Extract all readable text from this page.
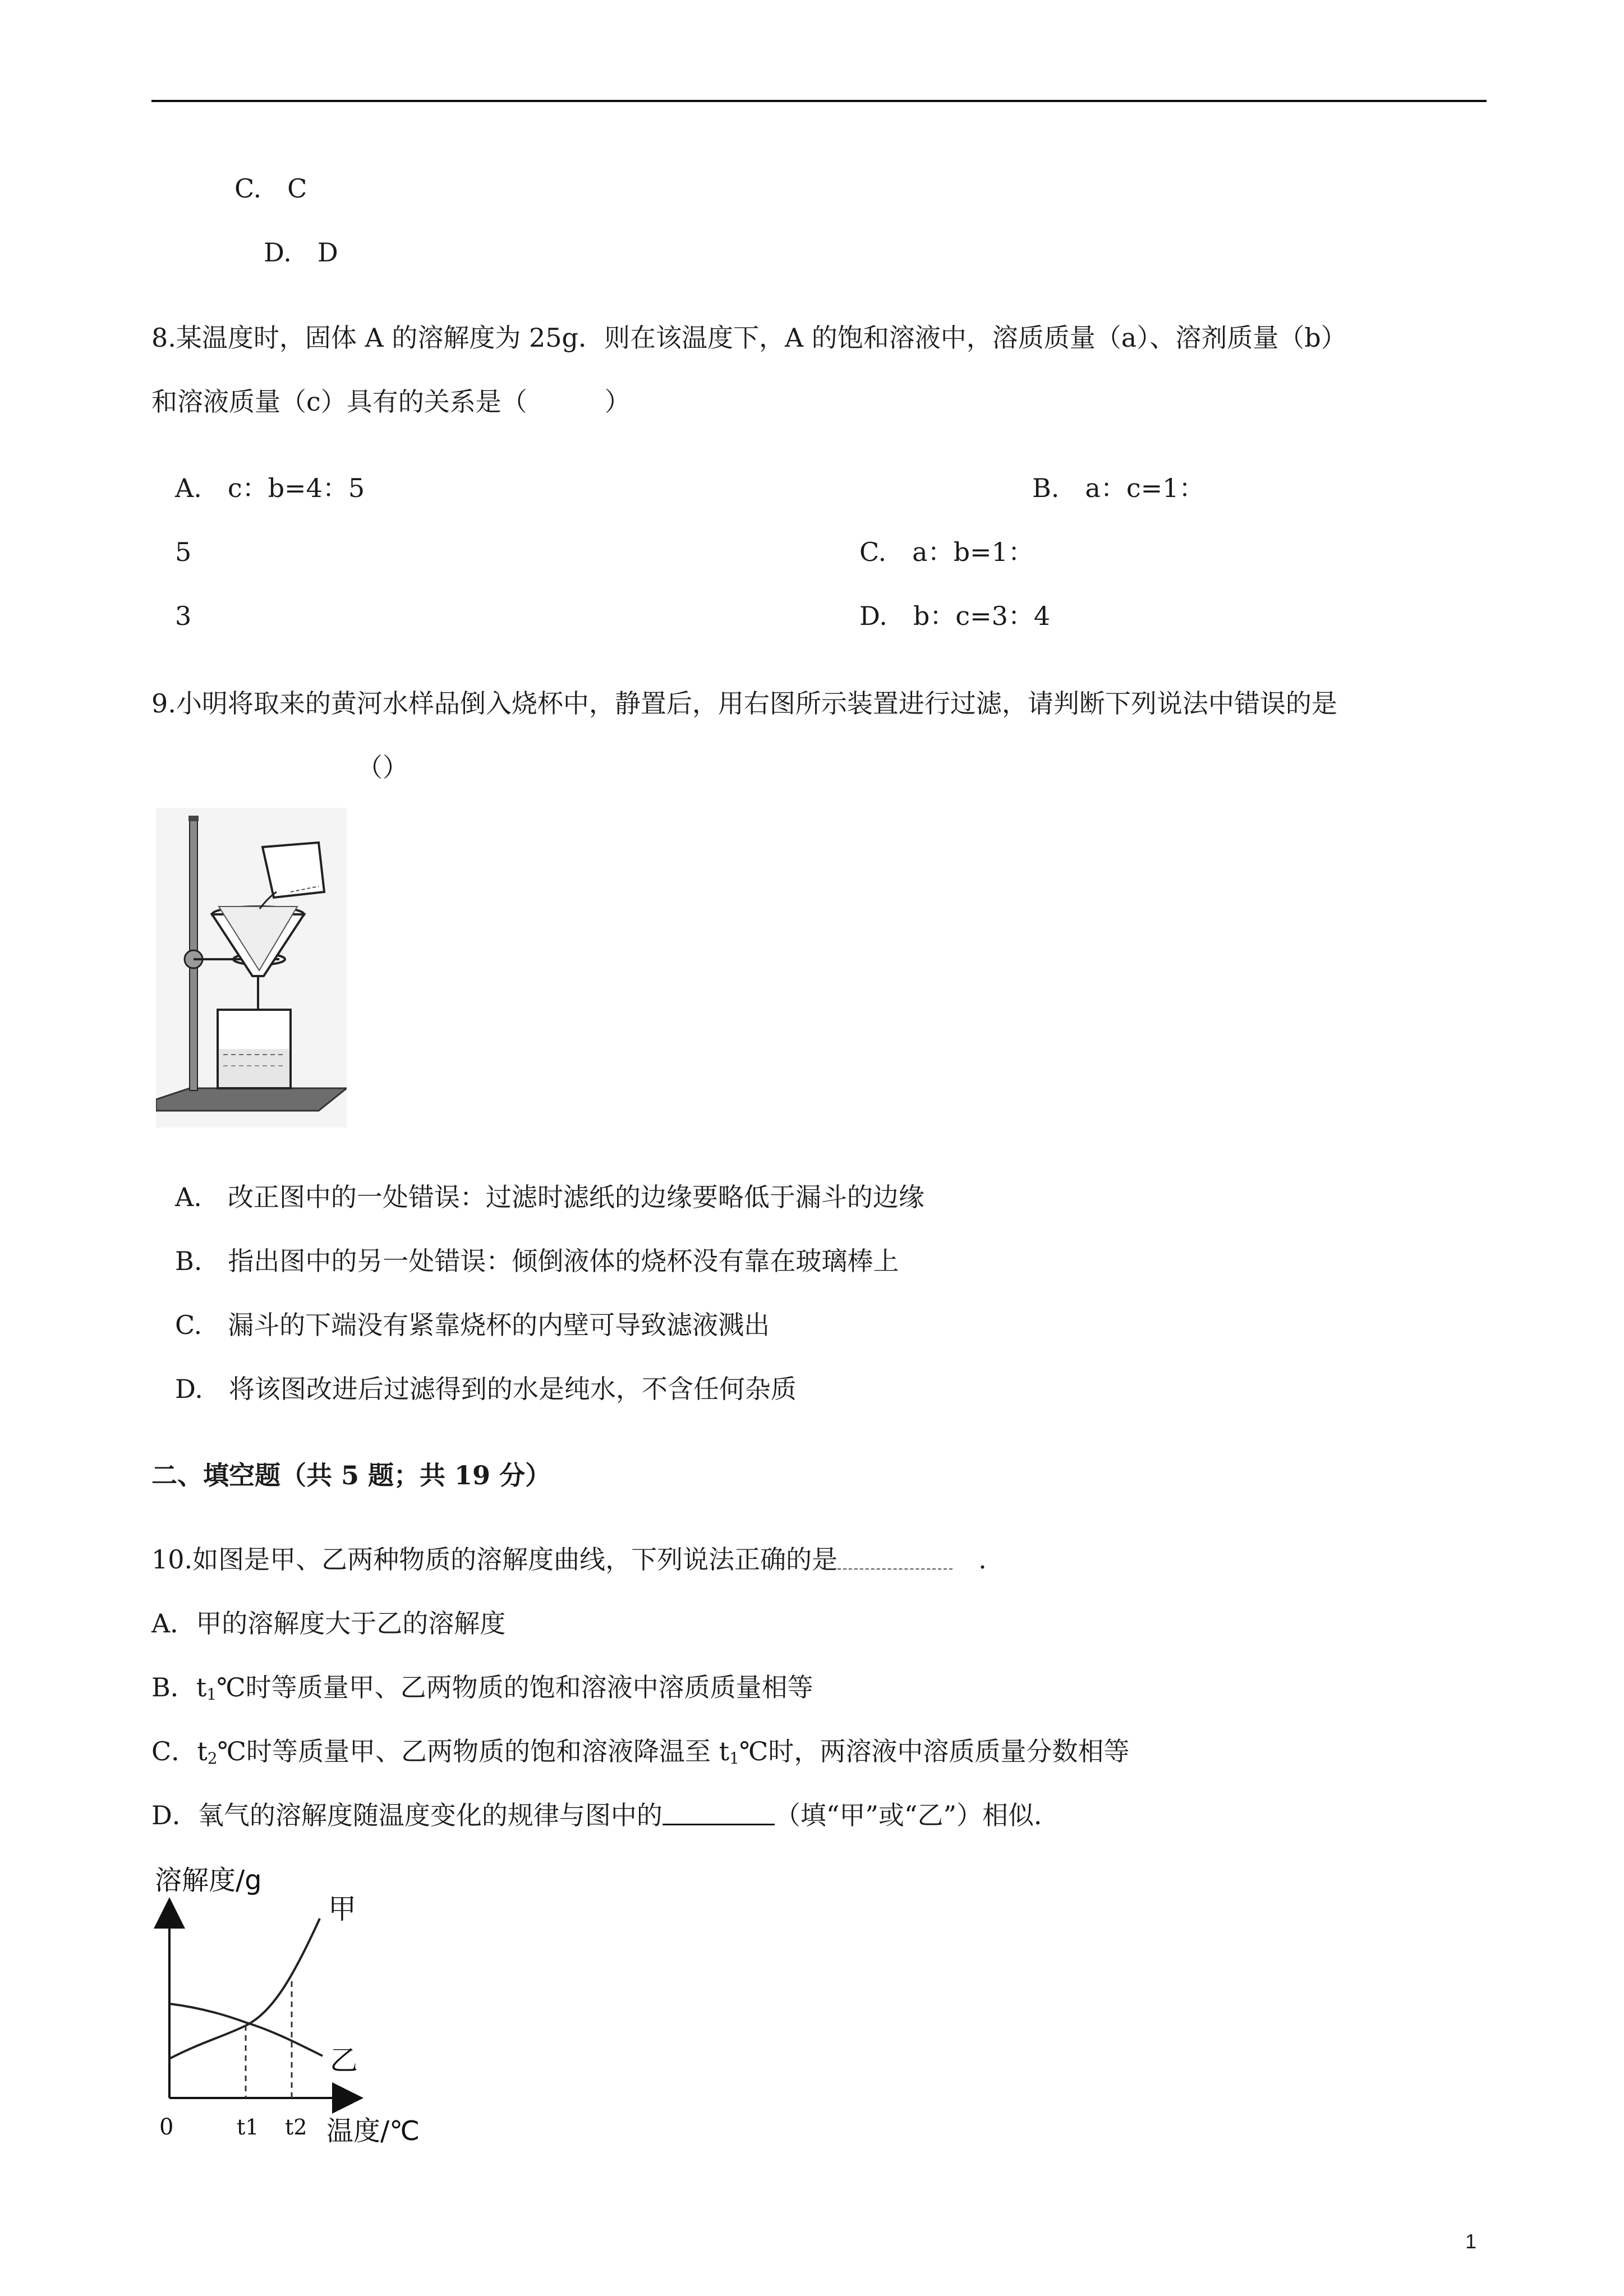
C.　C
D.　D
8.某温度时，固体 A 的溶解度为 25g．则在该温度下，A 的饱和溶液中，溶质质量（a）、溶剂质量（b）
和溶液质量（c）具有的关系是（　　　）
A.　c：b=4：5	B.　a：c=1：
5	C.　a：b=1：
3	D.　b：c=3：4
9.小明将取来的黄河水样品倒入烧杯中，静置后，用右图所示装置进行过滤，请判断下列说法中错误的是
（）
A.　改正图中的一处错误：过滤时滤纸的边缘要略低于漏斗的边缘
B.　指出图中的另一处错误：倾倒液体的烧杯没有靠在玻璃棒上
C.　漏斗的下端没有紧靠烧杯的内壁可导致滤液溅出
D.　将该图改进后过滤得到的水是纯水，不含任何杂质
二、填空题（共 5 题；共 19 分）
10.如图是甲、乙两种物质的溶解度曲线，下列说法正确的是	　.
A．甲的溶解度大于乙的溶解度
B．$t_1℃$时等质量甲、乙两物质的饱和溶液中溶质质量相等
C．$t_2℃$时等质量甲、乙两物质的饱和溶液降温至 $t_1℃$时，两溶液中溶质质量分数相等
D．氧气的溶解度随温度变化的规律与图中的	（填“甲”或“乙”）相似．
溶解度/g
甲
乙
0	t1 t2 温度/℃
1
